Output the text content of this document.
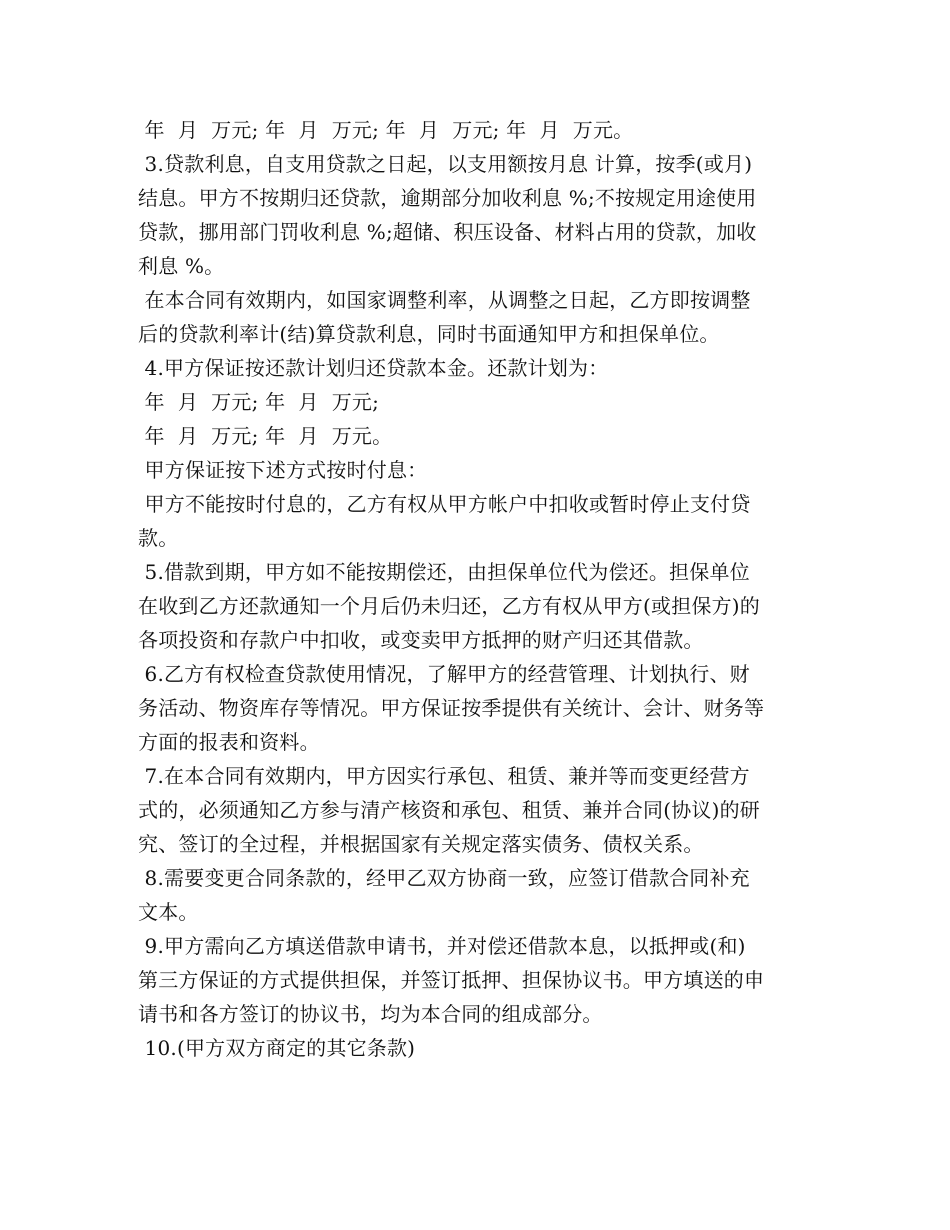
年  月  万元; 年  月  万元; 年  月  万元; 年  月  万元。
3.贷款利息，自支用贷款之日起，以支用额按月息 计算，按季(或月)
结息。甲方不按期归还贷款，逾期部分加收利息 %;不按规定用途使用
贷款，挪用部门罚收利息 %;超储、积压设备、材料占用的贷款，加收
利息 %。
在本合同有效期内，如国家调整利率，从调整之日起，乙方即按调整
后的贷款利率计(结)算贷款利息，同时书面通知甲方和担保单位。
4.甲方保证按还款计划归还贷款本金。还款计划为：
年  月  万元; 年  月  万元;
年  月  万元; 年  月  万元。
甲方保证按下述方式按时付息：
甲方不能按时付息的，乙方有权从甲方帐户中扣收或暂时停止支付贷
款。
5.借款到期，甲方如不能按期偿还，由担保单位代为偿还。担保单位
在收到乙方还款通知一个月后仍未归还，乙方有权从甲方(或担保方)的
各项投资和存款户中扣收，或变卖甲方抵押的财产归还其借款。
6.乙方有权检查贷款使用情况，了解甲方的经营管理、计划执行、财
务活动、物资库存等情况。甲方保证按季提供有关统计、会计、财务等
方面的报表和资料。
7.在本合同有效期内，甲方因实行承包、租赁、兼并等而变更经营方
式的，必须通知乙方参与清产核资和承包、租赁、兼并合同(协议)的研
究、签订的全过程，并根据国家有关规定落实债务、债权关系。
8.需要变更合同条款的，经甲乙双方协商一致，应签订借款合同补充
文本。
9.甲方需向乙方填送借款申请书，并对偿还借款本息，以抵押或(和)
第三方保证的方式提供担保，并签订抵押、担保协议书。甲方填送的申
请书和各方签订的协议书，均为本合同的组成部分。
10.(甲方双方商定的其它条款)
